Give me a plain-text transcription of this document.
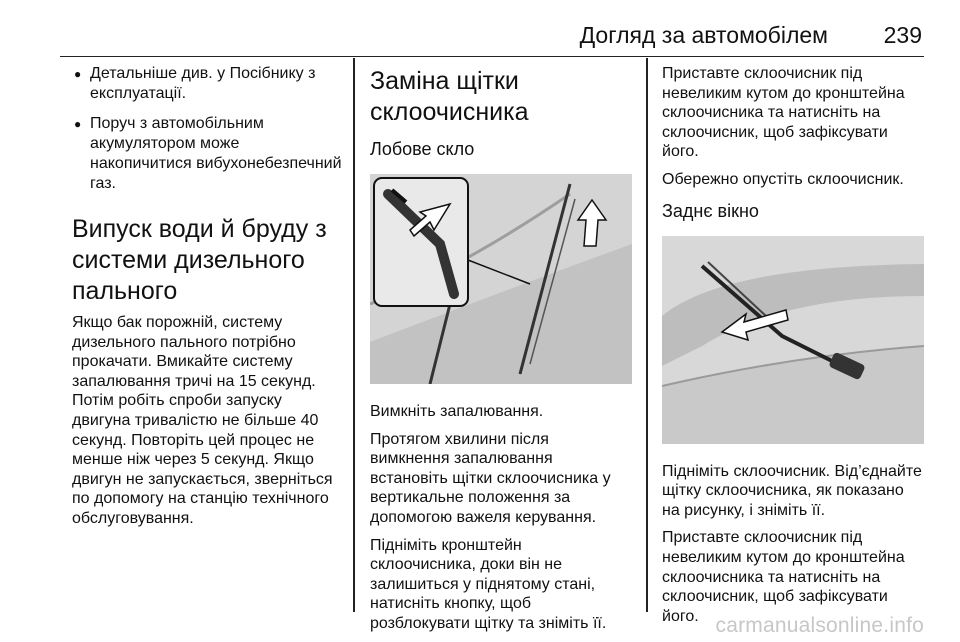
Догляд за автомобілем 239
● Детальніше див. у Посібнику з експлуатації.
● Поруч з автомобільним акумулятором може накопичитися вибухонебезпечний газ.
Випуск води й бруду з системи дизельного пального

Якщо бак порожній, систему дизельного пального потрібно прокачати. Вмикайте систему запалювання тричі на 15 секунд. Потім робіть спроби запуску двигуна тривалістю не більше 40 секунд. Повторіть цей процес не менше ніж через 5 секунд. Якщо двигун не запускається, зверніться по допомогу на станцію технічного обслуговування.

Заміна щітки склоочисника
Лобове скло

Вимкніть запалювання.

Протягом хвилини після вимкнення запалювання встановіть щітки склоочисника у вертикальне положення за допомогою важеля керування.

Підніміть кронштейн склоочисника, доки він не залишиться у піднятому стані, натисніть кнопку, щоб розблокувати щітку та зніміть її.

Приставте склоочисник під невеликим кутом до кронштейна склоочисника та натисніть на склоочисник, щоб зафіксувати його.

Обережно опустіть склоочисник.

Заднє вікно

Підніміть склоочисник. Від’єднайте щітку склоочисника, як показано на рисунку, і зніміть її.

Приставте склоочисник під невеликим кутом до кронштейна склоочисника та натисніть на склоочисник, щоб зафіксувати його. carmanualsonline.info
